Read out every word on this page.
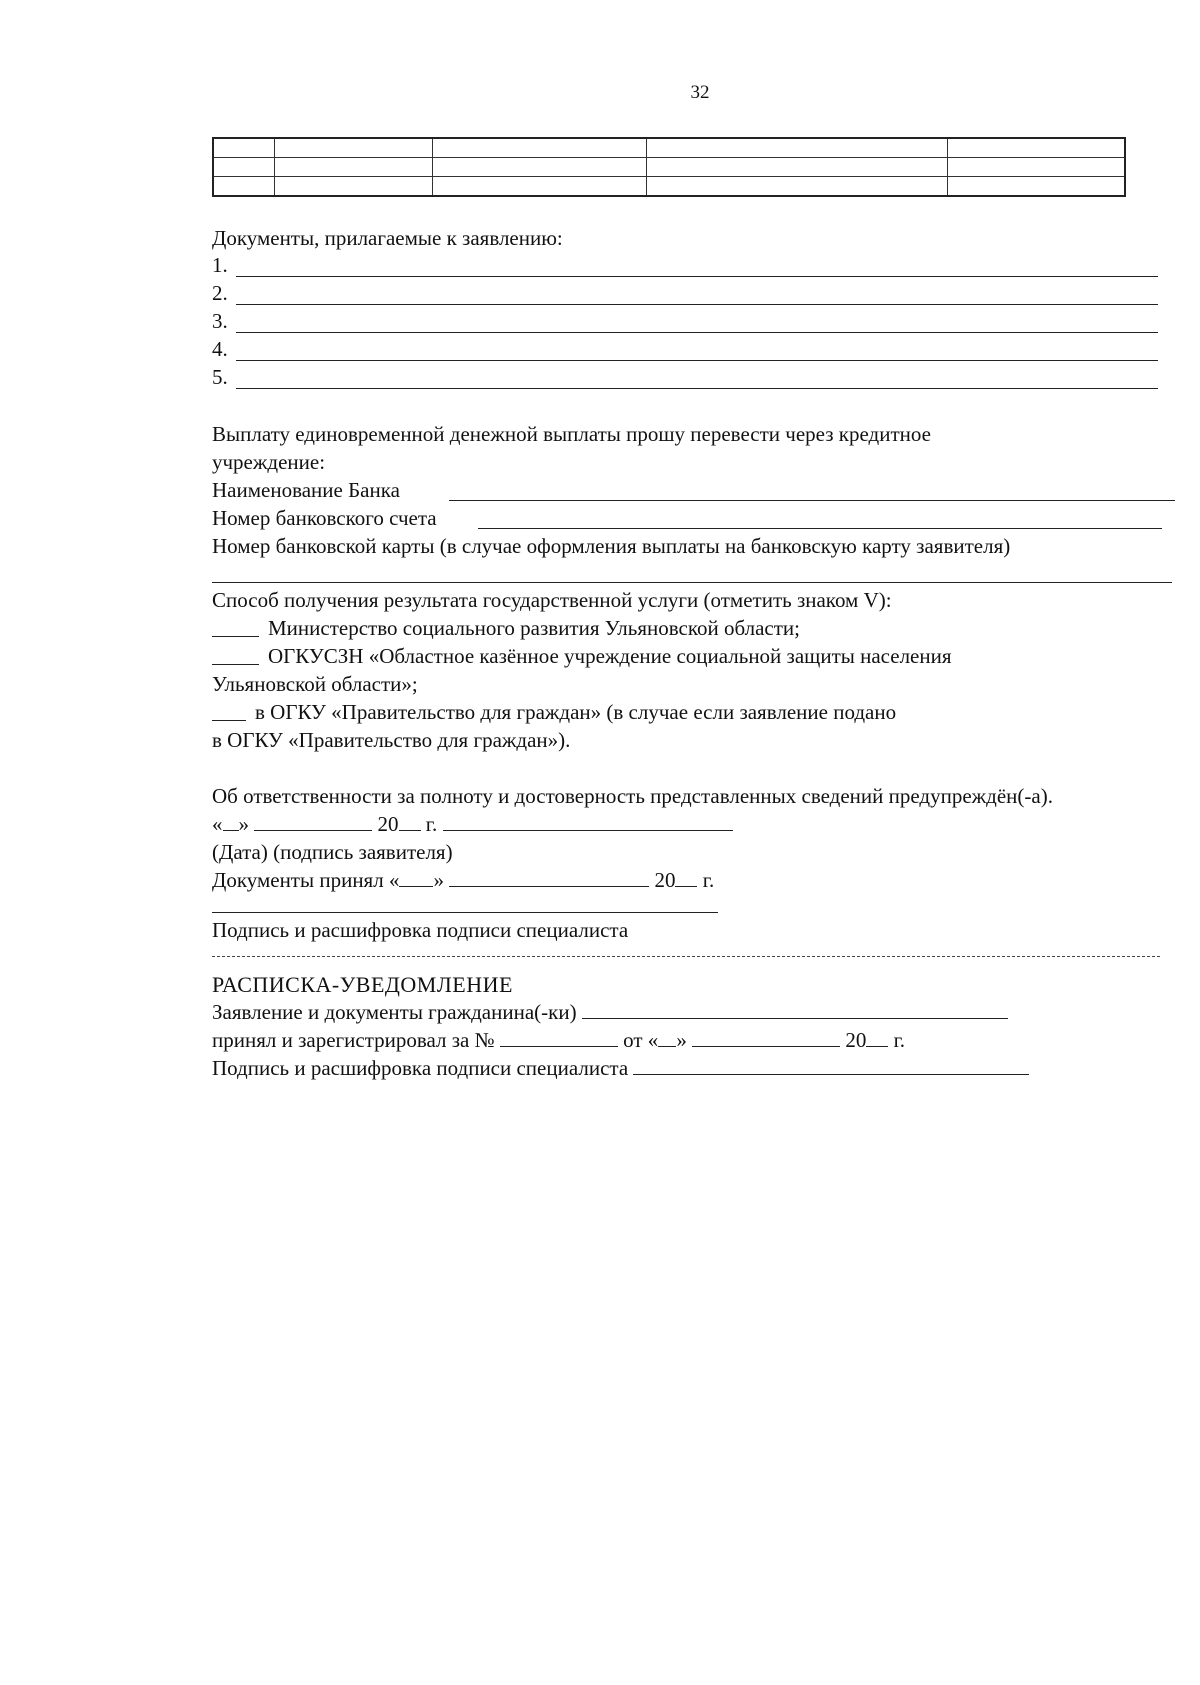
32

Документы, прилагаемые к заявлению:
1.
2.
3.
4.
5.
Выплату единовременной денежной выплаты прошу перевести через кредитное
учреждение:
Наименование Банка
Номер банковского счета
Номер банковской карты (в случае оформления выплаты на банковскую карту заявителя)
Способ получения результата государственной услуги (отметить знаком V):
Министерство социального развития Ульяновской области;
ОГКУСЗН «Областное казённое учреждение социальной защиты населения
Ульяновской области»;
в ОГКУ «Правительство для граждан» (в случае если заявление подано
в ОГКУ «Правительство для граждан»).
Об ответственности за полноту и достоверность представленных сведений предупреждён(-а).
« »	20 г.
(Дата) (подпись заявителя)
Документы принял « »	20 г.
Подпись и расшифровка подписи специалиста
РАСПИСКА-УВЕДОМЛЕНИЕ
Заявление и документы гражданина(-ки)
принял и зарегистрировал за №	от « »	20 г.
Подпись и расшифровка подписи специалиста
